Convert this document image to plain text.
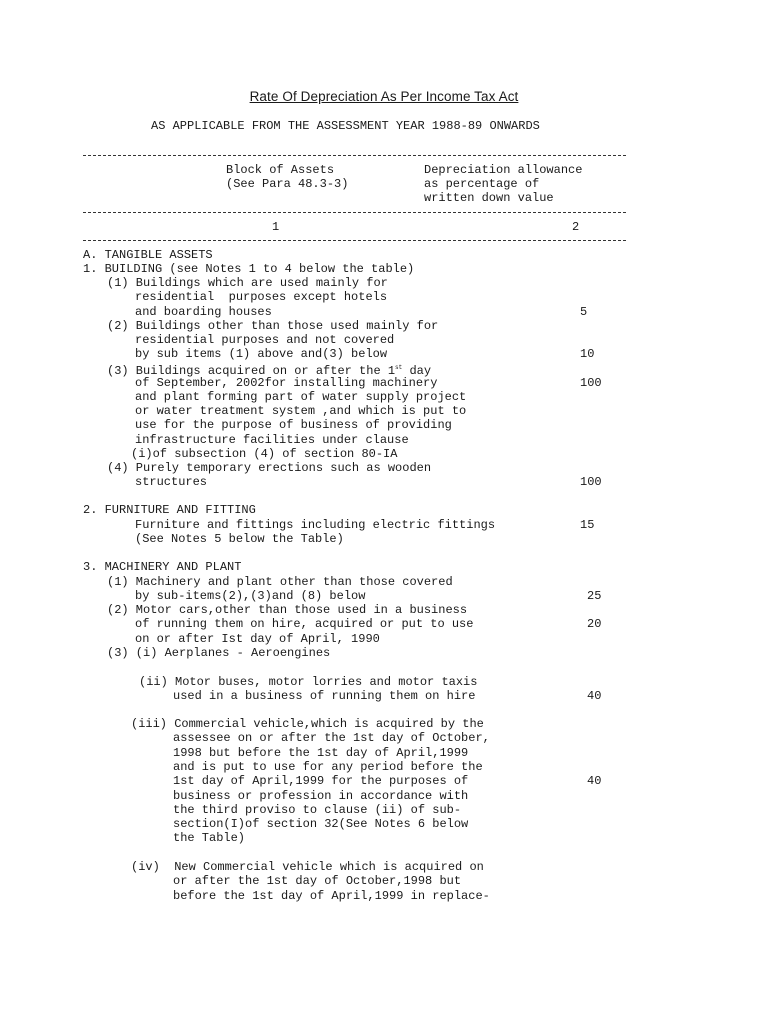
Rate Of Depreciation As Per Income Tax Act
AS APPLICABLE FROM THE ASSESSMENT YEAR 1988-89 ONWARDS
Block of Assets
(See Para 48.3-3)
Depreciation allowance
as percentage of
written down value
1	2
A. TANGIBLE ASSETS
1. BUILDING (see Notes 1 to 4 below the table)
(1) Buildings which are used mainly for
residential  purposes except hotels
and boarding houses	5
(2) Buildings other than those used mainly for
residential purposes and not covered
by sub items (1) above and(3) below	10
(3) Buildings acquired on or after the 1st day
of September, 2002for installing machinery	100
and plant forming part of water supply project
or water treatment system ,and which is put to
use for the purpose of business of providing
infrastructure facilities under clause
(i)of subsection (4) of section 80-IA
(4) Purely temporary erections such as wooden
structures	100
2. FURNITURE AND FITTING
Furniture and fittings including electric fittings	15
(See Notes 5 below the Table)
3. MACHINERY AND PLANT
(1) Machinery and plant other than those covered
by sub-items(2),(3)and (8) below	25
(2) Motor cars,other than those used in a business
of running them on hire, acquired or put to use	20
on or after Ist day of April, 1990
(3) (i) Aerplanes - Aeroengines
(ii) Motor buses, motor lorries and motor taxis
used in a business of running them on hire	40
(iii) Commercial vehicle,which is acquired by the
assessee on or after the 1st day of October,
1998 but before the 1st day of April,1999
and is put to use for any period before the
1st day of April,1999 for the purposes of	40
business or profession in accordance with
the third proviso to clause (ii) of sub-
section(I)of section 32(See Notes 6 below
the Table)
(iv)  New Commercial vehicle which is acquired on
or after the 1st day of October,1998 but
before the 1st day of April,1999 in replace-
